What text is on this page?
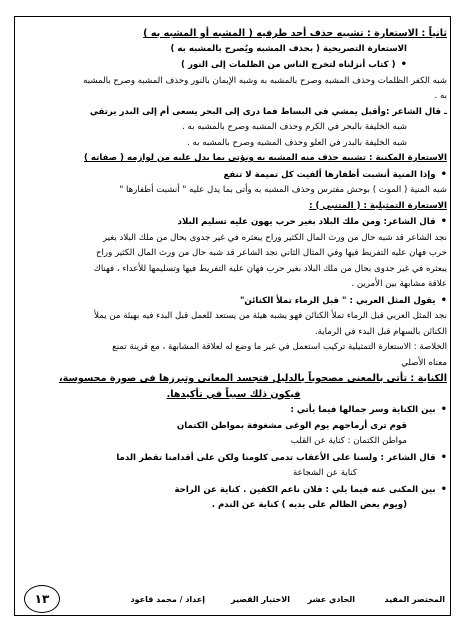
ثانياً : الاستعارة : تشبيه حذف أحد طرفيه ( المشبه أو المشبه به )

الاستعارة التصريحية ( بحذف المشبه ويُصرح بالمشبه به )

• ( كتاب أنزلناه لتخرج الناس من الظلمات إلى النور )

شبه الكفر الظلمات وحذف المشبه وصرح بالمشبه به وشبه الإيمان بالنور وحذف المشبه وصرح بالمشبه

به .

ـ قال الشاعر :وأقبل يمشي في البساط فما درى إلى البحر يسعى أم إلى البدر يرتقي

شبه الخليفة بالبحر في الكرم وحذف المشبه وصرح بالمشبه به .

شبه الخليفة بالبدر في العلو وحذف المشبه وصرح بالمشبه به .

الاستعارة المكنية : تشبيه حذف منه المشبه به ويؤتى بما يدل عليه من لوازمه ( صفاته )

• وإذا المنية أنشبت أظفارها ألفيت كل تميمة لا تنفع

شبه المنية ( الموت ) بوحش مفترس وحذف المشبه به وأتى بما يدل عليه " أنشبت أظفارها "

الاستعارة التمثيلية : ( المتنبي ) :

• قال الشاعر: ومن ملك البلاد بغير حرب يهون عليه تسليم البلاد

نجد الشاعر قد شبه حال من ورث المال الكثير وراح يبعثره في غير جدوى بحال من ملك البلاد بغير

حرب فهان عليه التفريط فيها وفي المثال الثاني نجد الشاعر قد شبه حال من ورث المال الكثير وراح

يبعثره في غير جدوى بحال من ملك البلاد بغير حرب فهان عليه التفريط فيها وتسليمها للأعداء ، فهناك

علاقة مشابهة بين الأمرين .

• يقول المثل العربي : " قبل الرماء تملأ الكنائن"

نجد المثل العربي قبل الرماء تملأ الكنائن فهو يشبه هيئة من يستعد للعمل قبل البدء فيه بهيئة من يملأ

الكنائن بالسهام قبل البدء في الرماية.

الخلاصة : الاستعارة التمثيلية تركيب استعمل في غير ما وضع له لعلاقة المشابهة ، مع قرينة تمنع

معناه الأصلي

الكناية : تأتي بالمعنى مصحوباً بالدليل فتجسد المعاني وتبرزها في صورة محسوسة،

فيكون ذلك سبباً في تأكيدها.

• بين الكناية وسر جمالها فيما يأتي :

قوم ترى أرماحهم يوم الوغى مشغوفة بمواطن الكتمان

مواطن الكتمان : كناية عن القلب

• قال الشاعر : ولسنا على الأعقاب تدمى كلومنا ولكن على أقدامنا تقطر الدما

كناية عن الشجاعة

• بين المكنى عنه فيما يلي : فلان ناعم الكفين . كناية عن الراحة

(ويوم يعض الظالم على يديه ) كناية عن الندم .

المختصر المفيد
الحادي عشر
الاختبار القصير
إعداد / محمد قاعود
١٣
